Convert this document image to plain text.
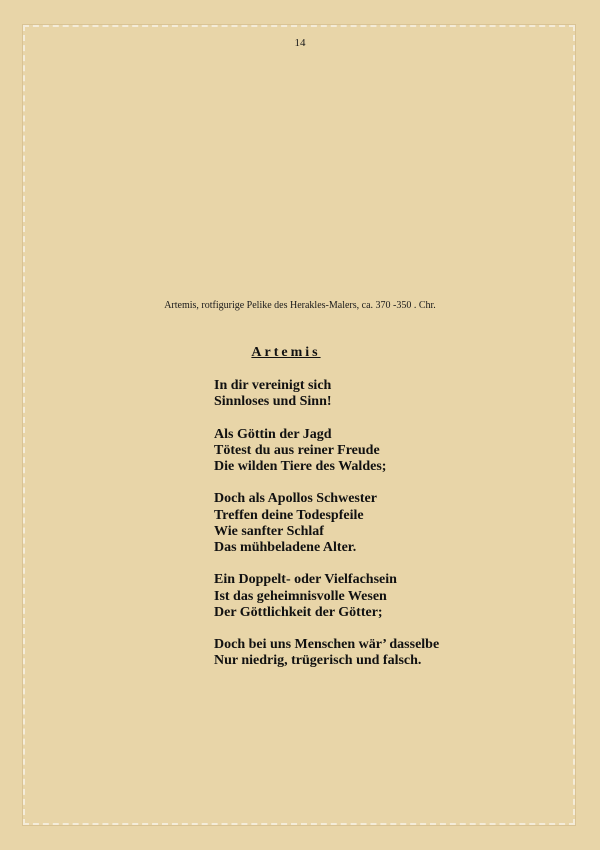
14
Artemis, rotfigurige Pelike des Herakles-Malers, ca. 370 -350 . Chr.
Artemis
In dir vereinigt sich
Sinnloses und Sinn!
Als Göttin der Jagd
Tötest du aus reiner Freude
Die wilden Tiere des Waldes;
Doch als Apollos Schwester
Treffen deine Todespfeile
Wie sanfter Schlaf
Das mühbeladene Alter.
Ein Doppelt- oder Vielfachsein
Ist das geheimnisvolle Wesen
Der Göttlichkeit der Götter;
Doch bei uns Menschen wär’ dasselbe
Nur niedrig, trügerisch und falsch.
